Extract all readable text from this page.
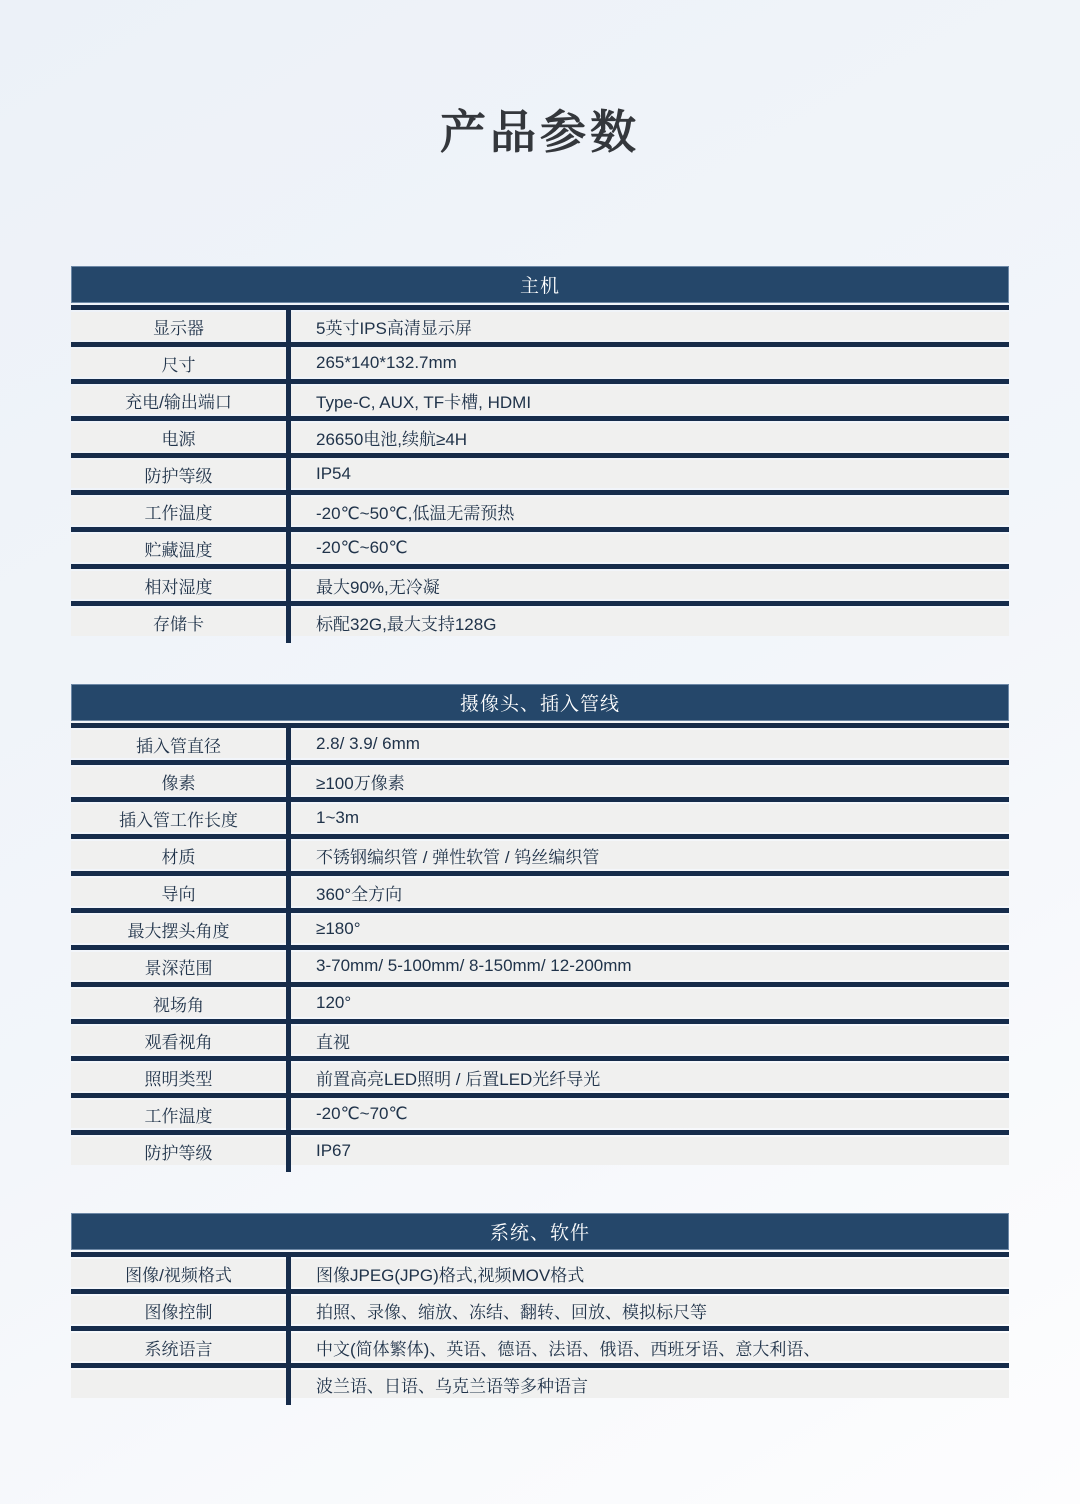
产品参数
主机
显示器	5英寸IPS高清显示屏
尺寸	265*140*132.7mm
充电/输出端口	Type-C, AUX, TF卡槽, HDMI
电源	26650电池,续航≥4H
防护等级	IP54
工作温度	-20℃~50℃,低温无需预热
贮藏温度	-20℃~60℃
相对湿度	最大90%,无冷凝
存储卡	标配32G,最大支持128G
摄像头、插入管线
插入管直径	2.8/ 3.9/ 6mm
像素	≥100万像素
插入管工作长度	1~3m
材质	不锈钢编织管 / 弹性软管 / 钨丝编织管
导向	360°全方向
最大摆头角度	≥180°
景深范围	3-70mm/ 5-100mm/ 8-150mm/ 12-200mm
视场角	120°
观看视角	直视
照明类型	前置高亮LED照明 / 后置LED光纤导光
工作温度	-20℃~70℃
防护等级	IP67
系统、软件
图像/视频格式	图像JPEG(JPG)格式,视频MOV格式
图像控制	拍照、录像、缩放、冻结、翻转、回放、模拟标尺等
系统语言	中文(简体繁体)、英语、德语、法语、俄语、西班牙语、意大利语、
波兰语、日语、乌克兰语等多种语言
